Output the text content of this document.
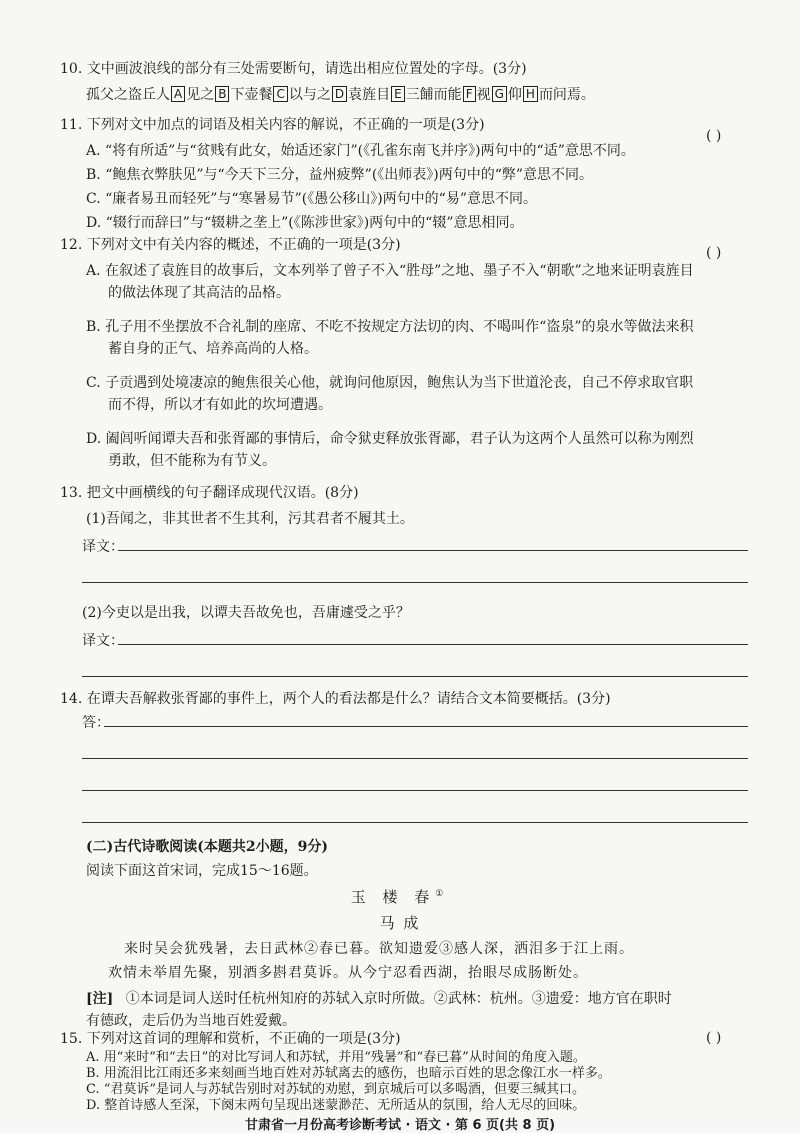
10. 文中画波浪线的部分有三处需要断句，请选出相应位置处的字母。(3分)
孤父之盗丘人 A 见之 B 下壶餐 C 以与之 D 袁旌目 E 三餔而能 F 视 G 仰 H 而问焉。
11. 下列对文中加点的词语及相关内容的解说，不正确的一项是(3分)
( )
A. “将有所适”与“贫贱有此女，始适还家门”(《孔雀东南飞并序》)两句中的“适”意思不同。
B. “鲍焦衣弊肤见”与“今天下三分，益州疲弊”(《出师表》)两句中的“弊”意思不同。
C. “廉者易丑而轻死”与“寒暑易节”(《愚公移山》)两句中的“易”意思不同。
D. “辍行而辞曰”与“辍耕之垄上”(《陈涉世家》)两句中的“辍”意思相同。
12. 下列对文中有关内容的概述，不正确的一项是(3分)	( )
A. 在叙述了袁旌目的故事后，文本列举了曾子不入“胜母”之地、墨子不入“朝歌”之地来证明袁旌目
的做法体现了其高洁的品格。
B. 孔子用不坐摆放不合礼制的座席、不吃不按规定方法切的肉、不喝叫作“盗泉”的泉水等做法来积
蓄自身的正气、培养高尚的人格。
C. 子贡遇到处境凄凉的鲍焦很关心他，就询问他原因，鲍焦认为当下世道沦丧，自己不停求取官职
而不得，所以才有如此的坎坷遭遇。
D. 阖闾听闻谭夫吾和张胥鄙的事情后，命令狱吏释放张胥鄙，君子认为这两个人虽然可以称为刚烈
勇敢，但不能称为有节义。
13. 把文中画横线的句子翻译成现代汉语。(8分)
(1)吾闻之，非其世者不生其利，污其君者不履其土。
译文：
(2)今吏以是出我，以谭夫吾故免也，吾庸遽受之乎？
译文：
14. 在谭夫吾解救张胥鄙的事件上，两个人的看法都是什么？请结合文本简要概括。(3分)
答：
(二)古代诗歌阅读(本题共2小题，9分)
阅读下面这首宋词，完成15～16题。
玉 楼 春①
马 成
来时吴会犹残暑，去日武林②春已暮。欲知遗爱③感人深，洒泪多于江上雨。
欢情未举眉先聚，别酒多斟君莫诉。从今宁忍看西湖，抬眼尽成肠断处。
[注] ①本词是词人送时任杭州知府的苏轼入京时所做。②武林：杭州。③遗爱：地方官在职时
有德政，走后仍为当地百姓爱戴。
15. 下列对这首词的理解和赏析，不正确的一项是(3分)	( )
甘肃省一月份高考诊断考试 · 语文 · 第 6 页(共 8 页)
A. 用“来时”和“去日”的对比写词人和苏轼，并用“残暑”和“春已暮”从时间的角度入题。
B. 用流泪比江雨还多来刻画当地百姓对苏轼离去的感伤，也暗示百姓的思念像江水一样多。
C. “君莫诉”是词人与苏轼告别时对苏轼的劝慰，到京城后可以多喝酒，但要三缄其口。
D. 整首诗感人至深，下阕末两句呈现出迷蒙渺茫、无所适从的氛围，给人无尽的回味。
